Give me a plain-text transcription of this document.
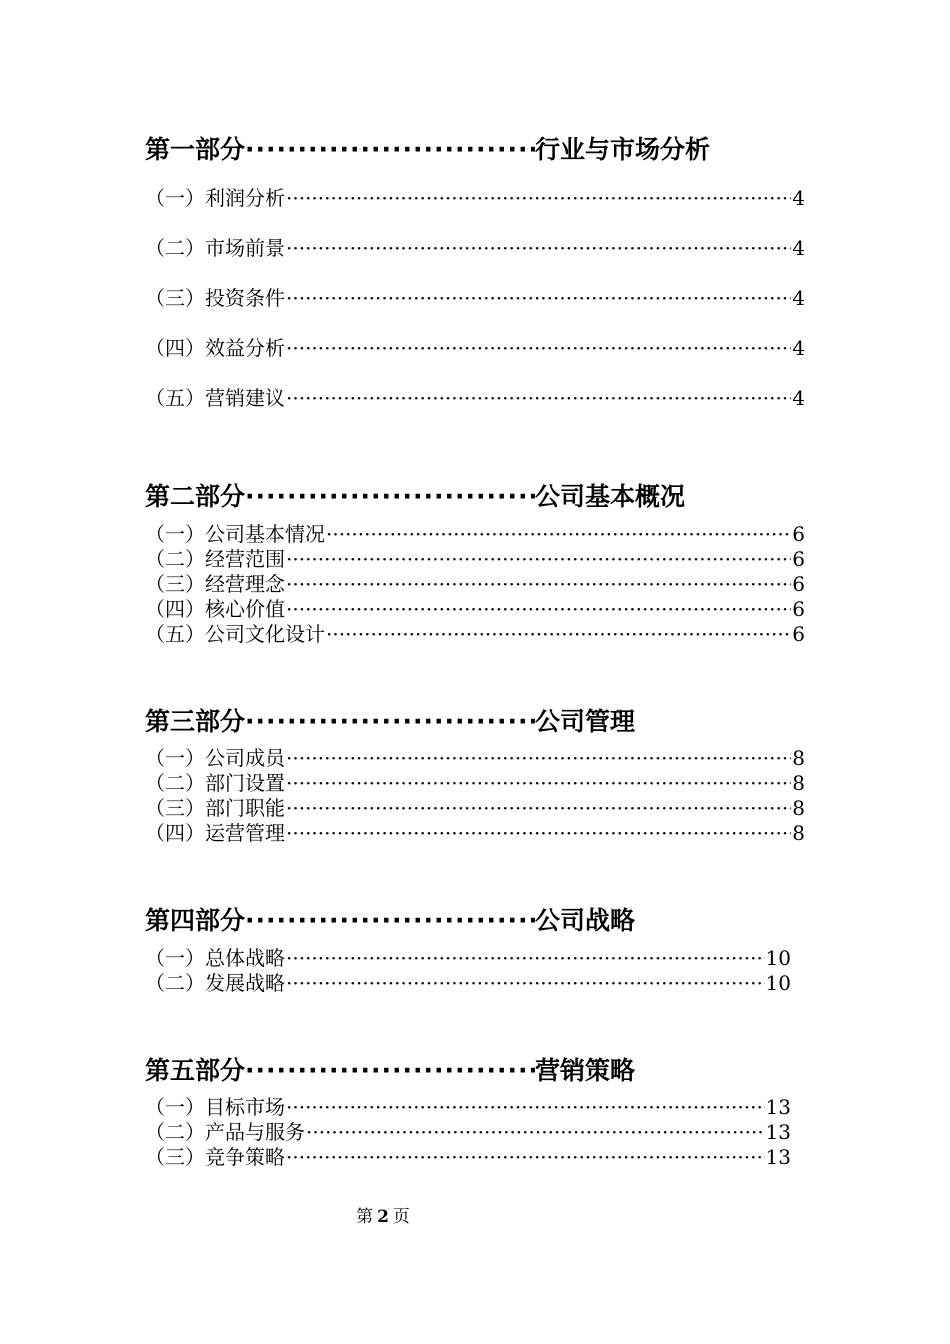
第一部分 ·····	行业与市场分析
（一）利润分析 ·····	4
（二）市场前景 ·····	4
（三）投资条件 ·····	4
（四）效益分析 ·····	4
（五）营销建议 ·····	4
第二部分 ·····	公司基本概况
（一）公司基本情况 ·····	6
（二）经营范围 ·····	6
（三）经营理念 ·····	6
（四）核心价值 ·····	6
（五）公司文化设计 ·····	6
第三部分 ·····	公司管理
（一）公司成员 ·····	8
（二）部门设置 ·····	8
（三）部门职能 ·····	8
（四）运营管理 ·····	8
第四部分 ·····	公司战略
（一）总体战略 ·····	10
（二）发展战略 ·····	10
第五部分 ·····	营销策略
（一）目标市场 ·····	13
（二）产品与服务 ·····	13
（三）竞争策略 ·····	13
第 2 页
